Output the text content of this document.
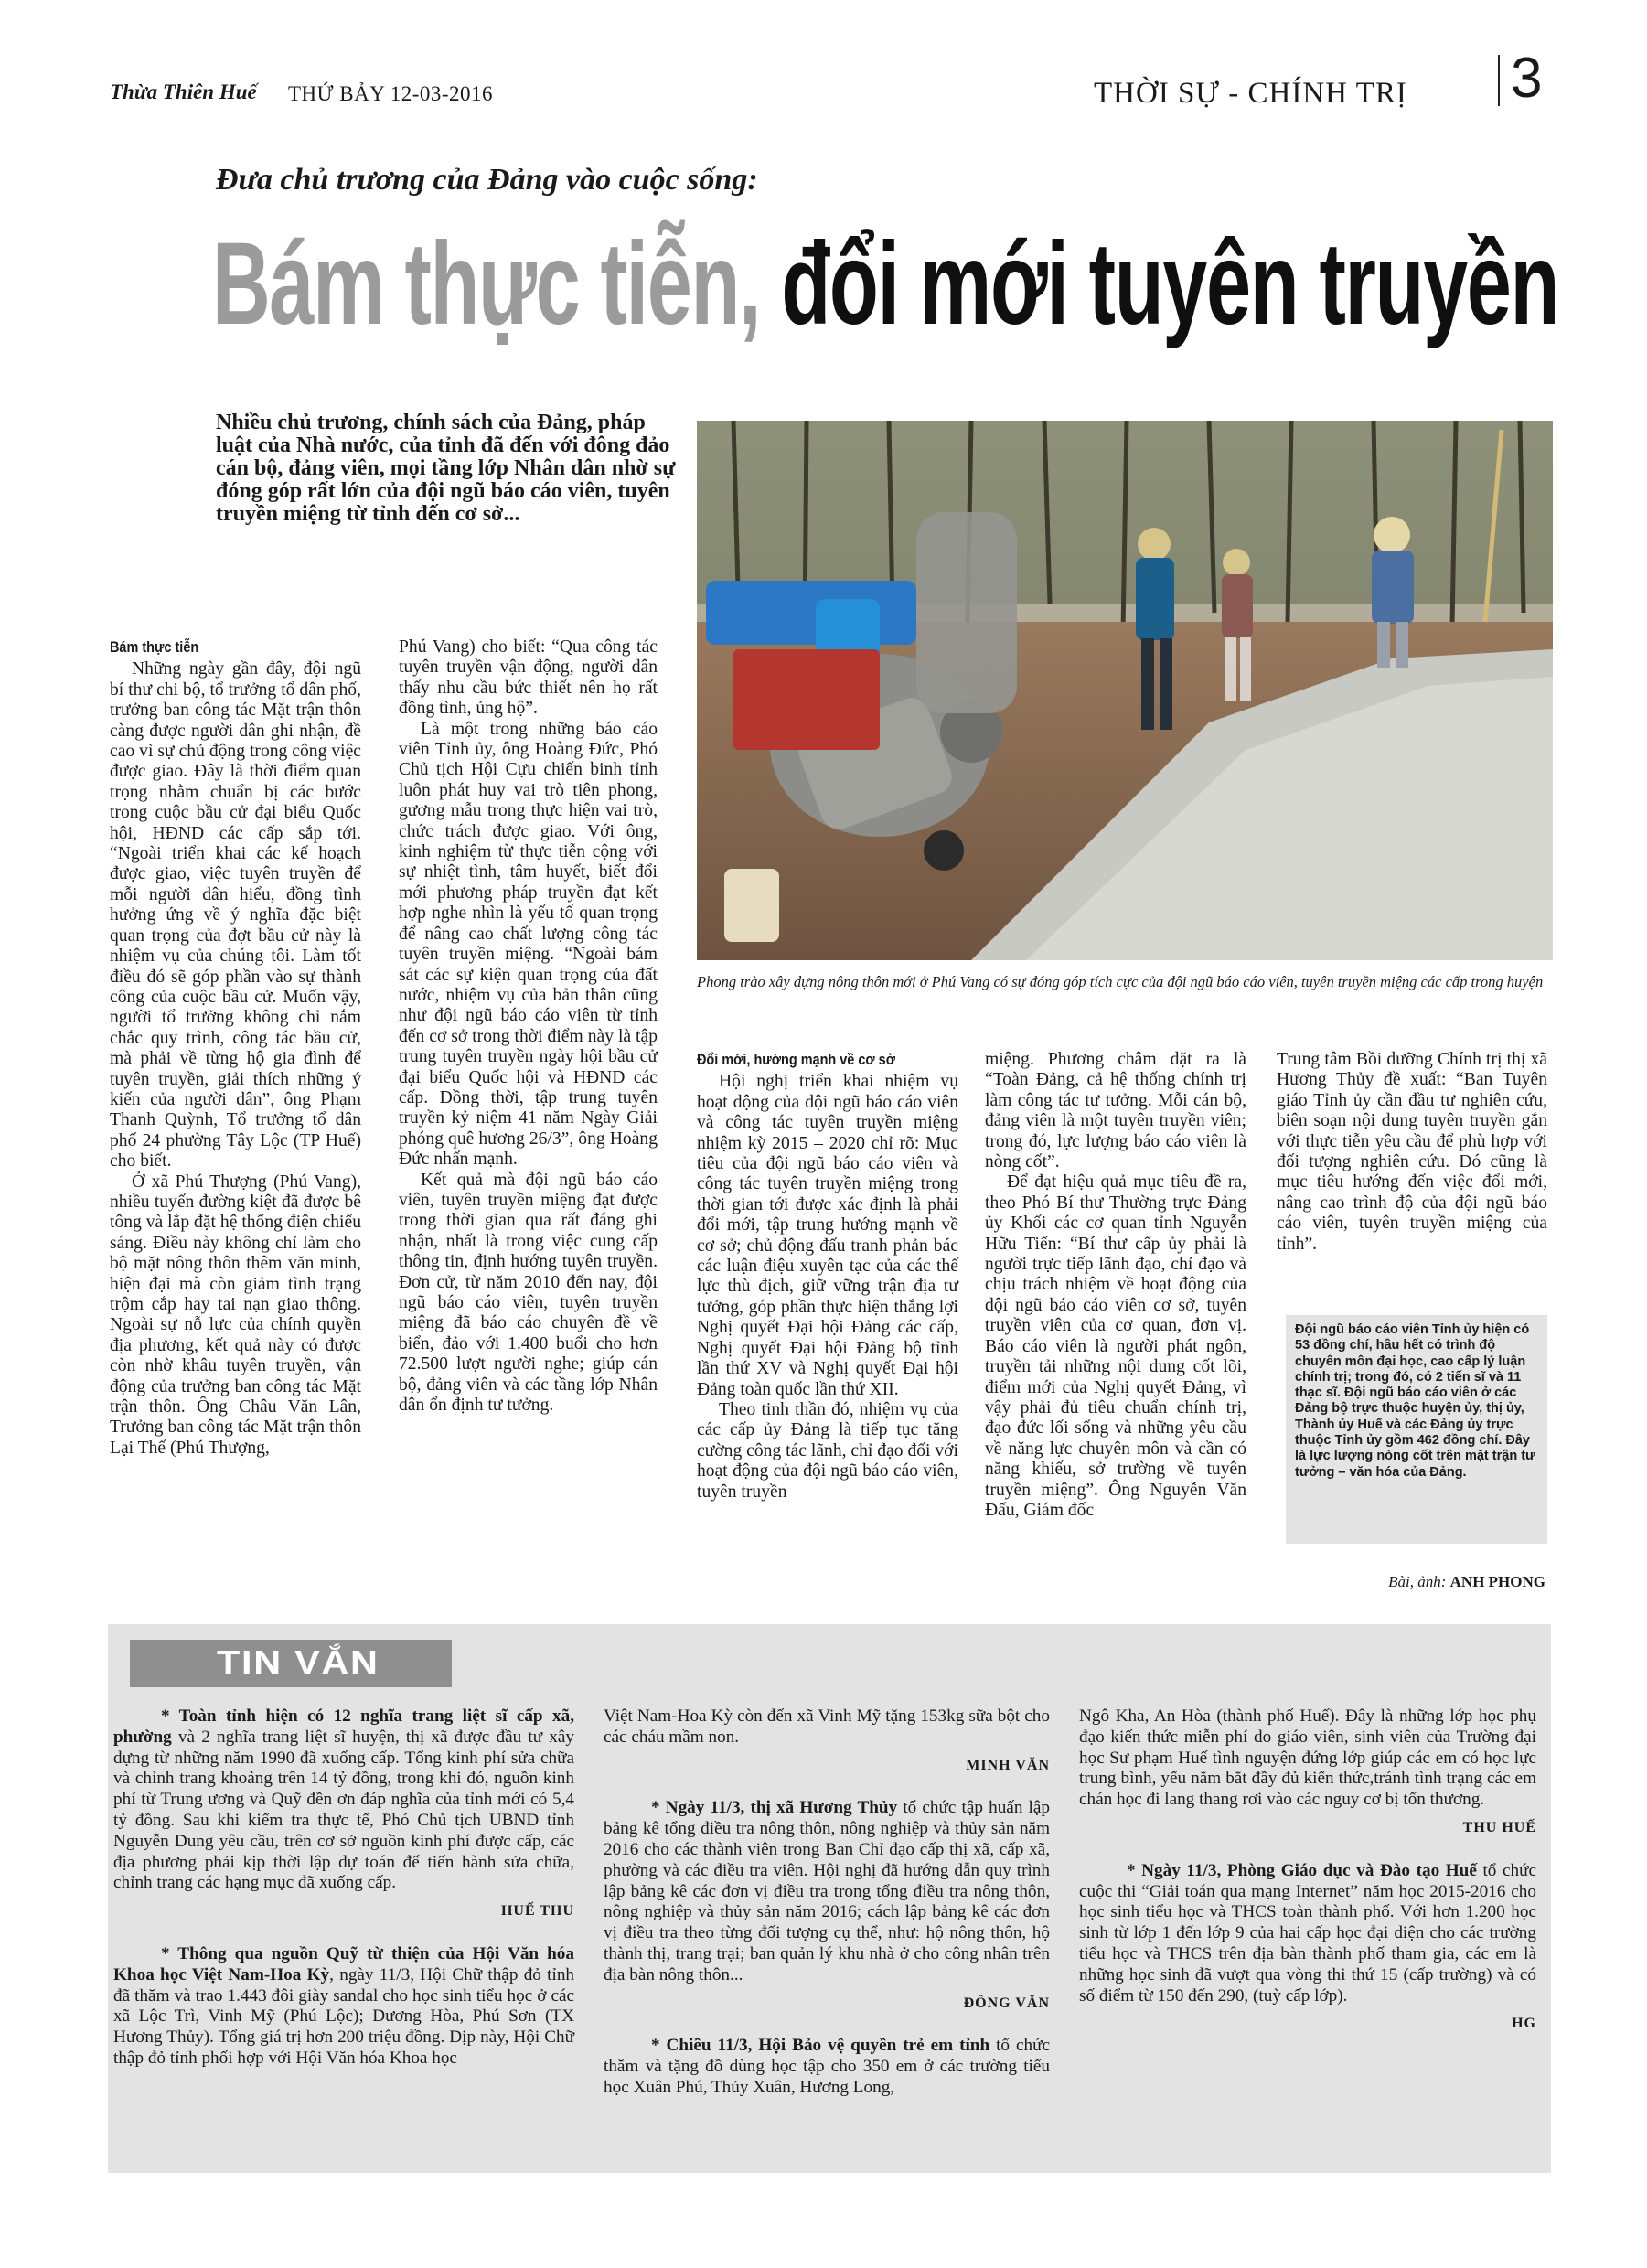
Thừa Thiên Huế THỨ BẢY 12-03-2016	THỜI SỰ - CHÍNH TRỊ 3
Đưa chủ trương của Đảng vào cuộc sống:
Bám thực tiễn, đổi mới tuyên truyền
Nhiều chủ trương, chính sách của Đảng, pháp luật của Nhà nước, của tỉnh đã đến với đông đảo cán bộ, đảng viên, mọi tầng lớp Nhân dân nhờ sự đóng góp rất lớn của đội ngũ báo cáo viên, tuyên truyền miệng từ tỉnh đến cơ sở...
Phong trào xây dựng nông thôn mới ở Phú Vang có sự đóng góp tích cực của đội ngũ báo cáo viên, tuyên truyền miệng các cấp trong huyện
Bám thực tiễn

Những ngày gần đây, đội ngũ bí thư chi bộ, tổ trưởng tổ dân phố, trưởng ban công tác Mặt trận thôn càng được người dân ghi nhận, đề cao vì sự chủ động trong công việc được giao. Đây là thời điểm quan trọng nhằm chuẩn bị các bước trong cuộc bầu cử đại biểu Quốc hội, HĐND các cấp sắp tới. “Ngoài triển khai các kế hoạch được giao, việc tuyên truyền để mỗi người dân hiểu, đồng tình hưởng ứng về ý nghĩa đặc biệt quan trọng của đợt bầu cử này là nhiệm vụ của chúng tôi. Làm tốt điều đó sẽ góp phần vào sự thành công của cuộc bầu cử. Muốn vậy, người tổ trưởng không chỉ nắm chắc quy trình, công tác bầu cử, mà phải về từng hộ gia đình để tuyên truyền, giải thích những ý kiến của người dân”, ông Phạm Thanh Quỳnh, Tổ trưởng tổ dân phố 24 phường Tây Lộc (TP Huế) cho biết.

Ở xã Phú Thượng (Phú Vang), nhiều tuyến đường kiệt đã được bê tông và lắp đặt hệ thống điện chiếu sáng. Điều này không chỉ làm cho bộ mặt nông thôn thêm văn minh, hiện đại mà còn giảm tình trạng trộm cắp hay tai nạn giao thông. Ngoài sự nỗ lực của chính quyền địa phương, kết quả này có được còn nhờ khâu tuyên truyền, vận động của trưởng ban công tác Mặt trận thôn. Ông Châu Văn Lân, Trưởng ban công tác Mặt trận thôn Lại Thế (Phú Thượng,

Phú Vang) cho biết: “Qua công tác tuyên truyền vận động, người dân thấy nhu cầu bức thiết nên họ rất đồng tình, ủng hộ”.

Là một trong những báo cáo viên Tỉnh ủy, ông Hoàng Đức, Phó Chủ tịch Hội Cựu chiến binh tỉnh luôn phát huy vai trò tiên phong, gương mẫu trong thực hiện vai trò, chức trách được giao. Với ông, kinh nghiệm từ thực tiễn cộng với sự nhiệt tình, tâm huyết, biết đổi mới phương pháp truyền đạt kết hợp nghe nhìn là yếu tố quan trọng để nâng cao chất lượng công tác tuyên truyền miệng. “Ngoài bám sát các sự kiện quan trọng của đất nước, nhiệm vụ của bản thân cũng như đội ngũ báo cáo viên từ tỉnh đến cơ sở trong thời điểm này là tập trung tuyên truyền ngày hội bầu cử đại biểu Quốc hội và HĐND các cấp. Đồng thời, tập trung tuyên truyền kỷ niệm 41 năm Ngày Giải phóng quê hương 26/3”, ông Hoàng Đức nhấn mạnh.

Kết quả mà đội ngũ báo cáo viên, tuyên truyền miệng đạt được trong thời gian qua rất đáng ghi nhận, nhất là trong việc cung cấp thông tin, định hướng tuyên truyền. Đơn cử, từ năm 2010 đến nay, đội ngũ báo cáo viên, tuyên truyền miệng đã báo cáo chuyên đề về biển, đảo với 1.400 buổi cho hơn 72.500 lượt người nghe; giúp cán bộ, đảng viên và các tầng lớp Nhân dân ổn định tư tưởng.

Đổi mới, hướng mạnh về cơ sở

Hội nghị triển khai nhiệm vụ hoạt động của đội ngũ báo cáo viên và công tác tuyên truyền miệng nhiệm kỳ 2015 – 2020 chỉ rõ: Mục tiêu của đội ngũ báo cáo viên và công tác tuyên truyền miệng trong thời gian tới được xác định là phải đổi mới, tập trung hướng mạnh về cơ sở; chủ động đấu tranh phản bác các luận điệu xuyên tạc của các thế lực thù địch, giữ vững trận địa tư tưởng, góp phần thực hiện thắng lợi Nghị quyết Đại hội Đảng các cấp, Nghị quyết Đại hội Đảng bộ tỉnh lần thứ XV và Nghị quyết Đại hội Đảng toàn quốc lần thứ XII.

Theo tinh thần đó, nhiệm vụ của các cấp ủy Đảng là tiếp tục tăng cường công tác lãnh, chỉ đạo đối với hoạt động của đội ngũ báo cáo viên, tuyên truyền

miệng. Phương châm đặt ra là “Toàn Đảng, cả hệ thống chính trị làm công tác tư tưởng. Mỗi cán bộ, đảng viên là một tuyên truyền viên; trong đó, lực lượng báo cáo viên là nòng cốt”.

Để đạt hiệu quả mục tiêu đề ra, theo Phó Bí thư Thường trực Đảng ủy Khối các cơ quan tỉnh Nguyễn Hữu Tiến: “Bí thư cấp ủy phải là người trực tiếp lãnh đạo, chỉ đạo và chịu trách nhiệm về hoạt động của đội ngũ báo cáo viên cơ sở, tuyên truyền viên của cơ quan, đơn vị. Báo cáo viên là người phát ngôn, truyền tải những nội dung cốt lõi, điểm mới của Nghị quyết Đảng, vì vậy phải đủ tiêu chuẩn chính trị, đạo đức lối sống và những yêu cầu về năng lực chuyên môn và cần có năng khiếu, sở trường về tuyên truyền miệng”. Ông Nguyễn Văn Đấu, Giám đốc

Trung tâm Bồi dưỡng Chính trị thị xã Hương Thủy đề xuất: “Ban Tuyên giáo Tỉnh ủy cần đầu tư nghiên cứu, biên soạn nội dung tuyên truyền gắn với thực tiễn yêu cầu để phù hợp với đối tượng nghiên cứu. Đó cũng là mục tiêu hướng đến việc đổi mới, nâng cao trình độ của đội ngũ báo cáo viên, tuyên truyền miệng của tỉnh”.

Đội ngũ báo cáo viên Tỉnh ủy hiện có 53 đồng chí, hầu hết có trình độ chuyên môn đại học, cao cấp lý luận chính trị; trong đó, có 2 tiến sĩ và 11 thạc sĩ. Đội ngũ báo cáo viên ở các Đảng bộ trực thuộc huyện ủy, thị ủy, Thành ủy Huế và các Đảng ủy trực thuộc Tỉnh ủy gồm 462 đồng chí. Đây là lực lượng nòng cốt trên mặt trận tư tưởng – văn hóa của Đảng.
Bài, ảnh: ANH PHONG
TIN VẮN

* Toàn tỉnh hiện có 12 nghĩa trang liệt sĩ cấp xã, phường và 2 nghĩa trang liệt sĩ huyện, thị xã được đầu tư xây dựng từ những năm 1990 đã xuống cấp. Tổng kinh phí sửa chữa và chỉnh trang khoảng trên 14 tỷ đồng, trong khi đó, nguồn kinh phí từ Trung ương và Quỹ đền ơn đáp nghĩa của tỉnh mới có 5,4 tỷ đồng. Sau khi kiểm tra thực tế, Phó Chủ tịch UBND tỉnh Nguyễn Dung yêu cầu, trên cơ sở nguồn kinh phí được cấp, các địa phương phải kịp thời lập dự toán để tiến hành sửa chữa, chỉnh trang các hạng mục đã xuống cấp.

HUẾ THU

* Thông qua nguồn Quỹ từ thiện của Hội Văn hóa Khoa học Việt Nam-Hoa Kỳ, ngày 11/3, Hội Chữ thập đỏ tỉnh đã thăm và trao 1.443 đôi giày sandal cho học sinh tiểu học ở các xã Lộc Trì, Vinh Mỹ (Phú Lộc); Dương Hòa, Phú Sơn (TX Hương Thủy). Tổng giá trị hơn 200 triệu đồng. Dịp này, Hội Chữ thập đỏ tỉnh phối hợp với Hội Văn hóa Khoa học

Việt Nam-Hoa Kỳ còn đến xã Vinh Mỹ tặng 153kg sữa bột cho các cháu mầm non.

MINH VĂN

* Ngày 11/3, thị xã Hương Thủy tổ chức tập huấn lập bảng kê tổng điều tra nông thôn, nông nghiệp và thủy sản năm 2016 cho các thành viên trong Ban Chỉ đạo cấp thị xã, cấp xã, phường và các điều tra viên. Hội nghị đã hướng dẫn quy trình lập bảng kê các đơn vị điều tra trong tổng điều tra nông thôn, nông nghiệp và thủy sản năm 2016; cách lập bảng kê các đơn vị điều tra theo từng đối tượng cụ thể, như: hộ nông thôn, hộ thành thị, trang trại; ban quản lý khu nhà ở cho công nhân trên địa bàn nông thôn...

ĐÔNG VĂN

* Chiều 11/3, Hội Bảo vệ quyền trẻ em tỉnh tổ chức thăm và tặng đồ dùng học tập cho 350 em ở các trường tiểu học Xuân Phú, Thủy Xuân, Hương Long,

Ngô Kha, An Hòa (thành phố Huế). Đây là những lớp học phụ đạo kiến thức miễn phí do giáo viên, sinh viên của Trường đại học Sư phạm Huế tình nguyện đứng lớp giúp các em có học lực trung bình, yếu nắm bắt đầy đủ kiến thức,tránh tình trạng các em chán học đi lang thang rơi vào các nguy cơ bị tổn thương.

THU HUẾ

* Ngày 11/3, Phòng Giáo dục và Đào tạo Huế tổ chức cuộc thi “Giải toán qua mạng Internet” năm học 2015-2016 cho học sinh tiểu học và THCS toàn thành phố. Với hơn 1.200 học sinh từ lớp 1 đến lớp 9 của hai cấp học đại diện cho các trường tiểu học và THCS trên địa bàn thành phố tham gia, các em là những học sinh đã vượt qua vòng thi thứ 15 (cấp trường) và có số điểm từ 150 đến 290, (tuỳ cấp lớp).

HG
